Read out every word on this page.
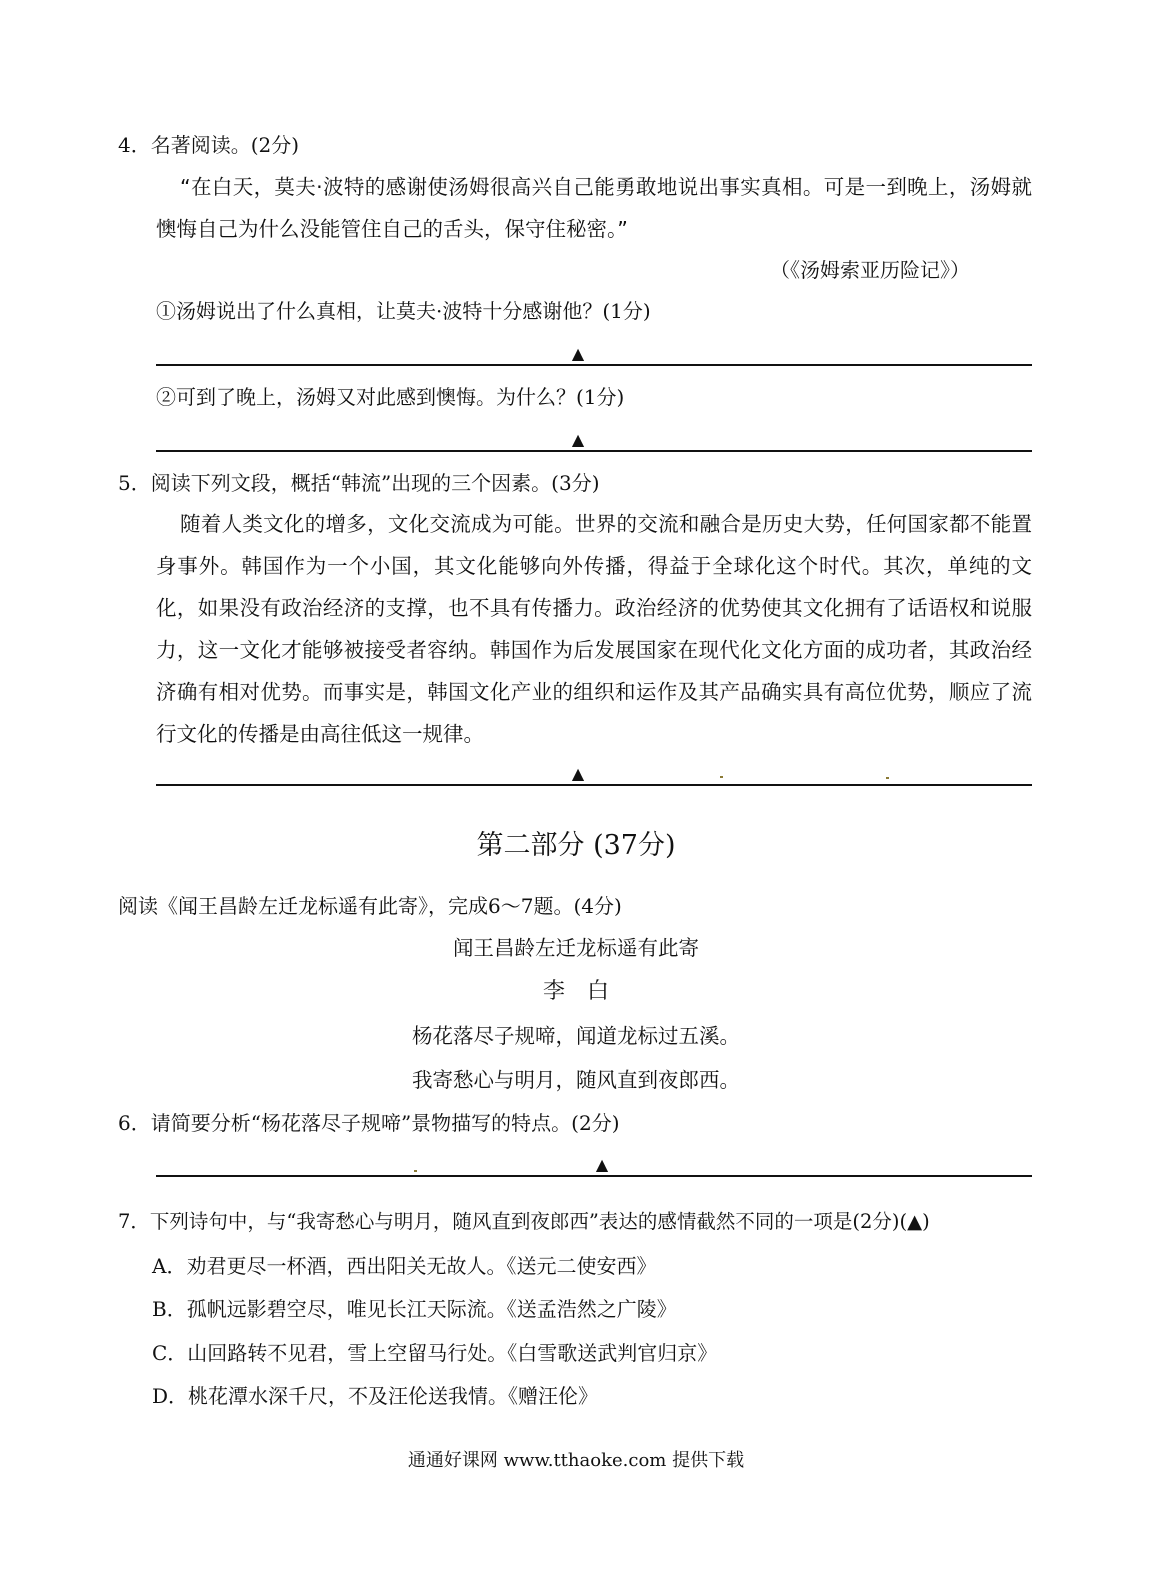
4．名著阅读。(2分)
“在白天，莫夫·波特的感谢使汤姆很高兴自己能勇敢地说出事实真相。可是一到晚上，汤姆就懊悔自己为什么没能管住自己的舌头，保守住秘密。”
（《汤姆索亚历险记》）
①汤姆说出了什么真相，让莫夫·波特十分感谢他？(1分)
▲
②可到了晚上，汤姆又对此感到懊悔。为什么？(1分)
▲
5．阅读下列文段，概括“韩流”出现的三个因素。(3分)
随着人类文化的增多，文化交流成为可能。世界的交流和融合是历史大势，任何国家都不能置身事外。韩国作为一个小国，其文化能够向外传播，得益于全球化这个时代。其次，单纯的文化，如果没有政治经济的支撑，也不具有传播力。政治经济的优势使其文化拥有了话语权和说服力，这一文化才能够被接受者容纳。韩国作为后发展国家在现代化文化方面的成功者，其政治经济确有相对优势。而事实是，韩国文化产业的组织和运作及其产品确实具有高位优势，顺应了流行文化的传播是由高往低这一规律。
▲
第二部分 (37分)
阅读《闻王昌龄左迁龙标遥有此寄》，完成6～7题。(4分)
闻王昌龄左迁龙标遥有此寄
李　白
杨花落尽子规啼，闻道龙标过五溪。
我寄愁心与明月，随风直到夜郎西。
6．请简要分析“杨花落尽子规啼”景物描写的特点。(2分)
▲
7．下列诗句中，与“我寄愁心与明月，随风直到夜郎西”表达的感情截然不同的一项是(2分)(▲)
A．劝君更尽一杯酒，西出阳关无故人。《送元二使安西》
B．孤帆远影碧空尽，唯见长江天际流。《送孟浩然之广陵》
C．山回路转不见君，雪上空留马行处。《白雪歌送武判官归京》
D．桃花潭水深千尺，不及汪伦送我情。《赠汪伦》
通通好课网 www.tthaoke.com 提供下载
